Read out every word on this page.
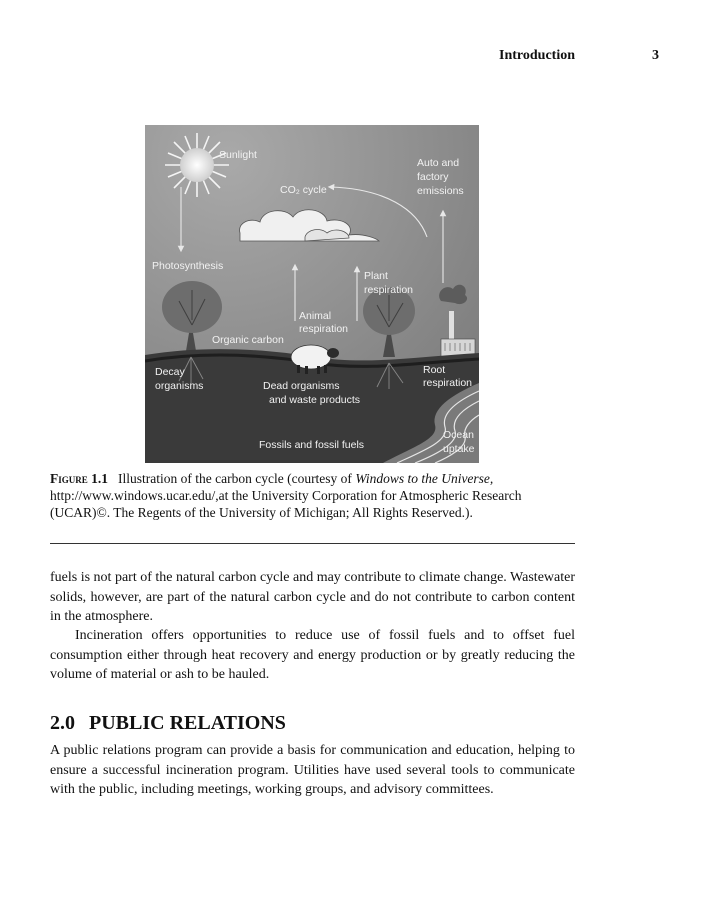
Introduction	3
Sunlight
CO₂ cycle
Auto and
factory
emissions
Photosynthesis
Plant
respiration
Animal
respiration
Organic carbon
Decay
organisms
Root
respiration
Dead organisms
and waste products
Ocean
uptake
Fossils and fossil fuels
Figure 1.1 Illustration of the carbon cycle (courtesy of Windows to the Universe, http://www.windows.ucar.edu/,at the University Corporation for Atmospheric Research (UCAR)©. The Regents of the University of Michigan; All Rights Reserved.).

fuels is not part of the natural carbon cycle and may contribute to climate change. Wastewater solids, however, are part of the natural carbon cycle and do not contribute to carbon content in the atmosphere.

Incineration offers opportunities to reduce use of fossil fuels and to offset fuel consumption either through heat recovery and energy production or by greatly reducing the volume of material or ash to be hauled.

2.0 PUBLIC RELATIONS

A public relations program can provide a basis for communication and education, helping to ensure a successful incineration program. Utilities have used several tools to communicate with the public, including meetings, working groups, and advisory committees.
